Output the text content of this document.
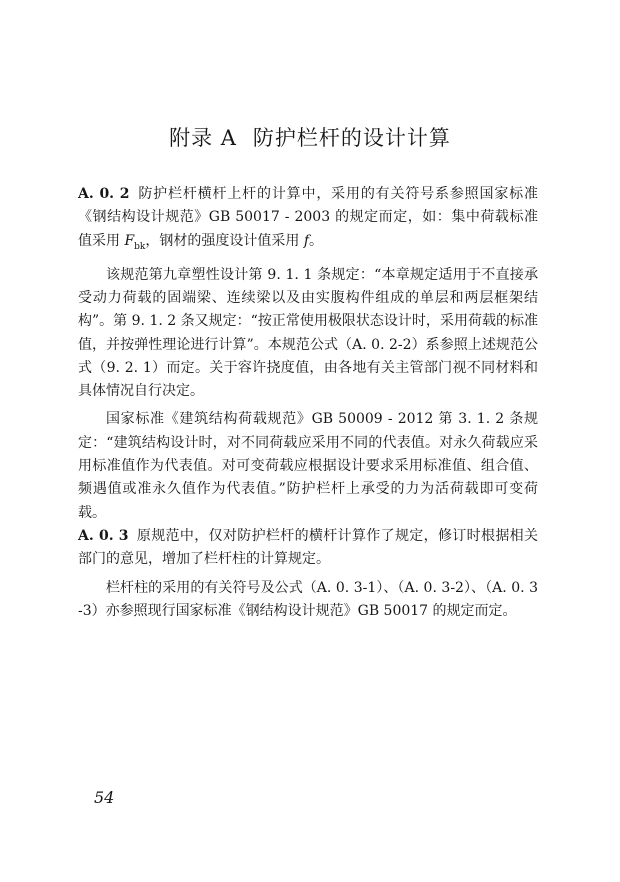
附录 A 防护栏杆的设计计算

A. 0. 2 防护栏杆横杆上杆的计算中，采用的有关符号系参照国家标准《钢结构设计规范》GB 50017 - 2003 的规定而定，如：集中荷载标准值采用 $F_{bk}$，钢材的强度设计值采用 f。

该规范第九章塑性设计第 9. 1. 1 条规定：“本章规定适用于不直接承受动力荷载的固端梁、连续梁以及由实腹构件组成的单层和两层框架结构”。第 9. 1. 2 条又规定：“按正常使用极限状态设计时，采用荷载的标准值，并按弹性理论进行计算”。本规范公式（A. 0. 2-2）系参照上述规范公式（9. 2. 1）而定。关于容许挠度值，由各地有关主管部门视不同材料和具体情况自行决定。

国家标准《建筑结构荷载规范》GB 50009 - 2012 第 3. 1. 2 条规定：“建筑结构设计时，对不同荷载应采用不同的代表值。对永久荷载应采用标准值作为代表值。对可变荷载应根据设计要求采用标准值、组合值、频遇值或准永久值作为代表值。”防护栏杆上承受的力为活荷载即可变荷载。

A. 0. 3 原规范中，仅对防护栏杆的横杆计算作了规定，修订时根据相关部门的意见，增加了栏杆柱的计算规定。

栏杆柱的采用的有关符号及公式（A. 0. 3-1）、（A. 0. 3-2）、（A. 0. 3-3）亦参照现行国家标准《钢结构设计规范》GB 50017 的规定而定。

54
